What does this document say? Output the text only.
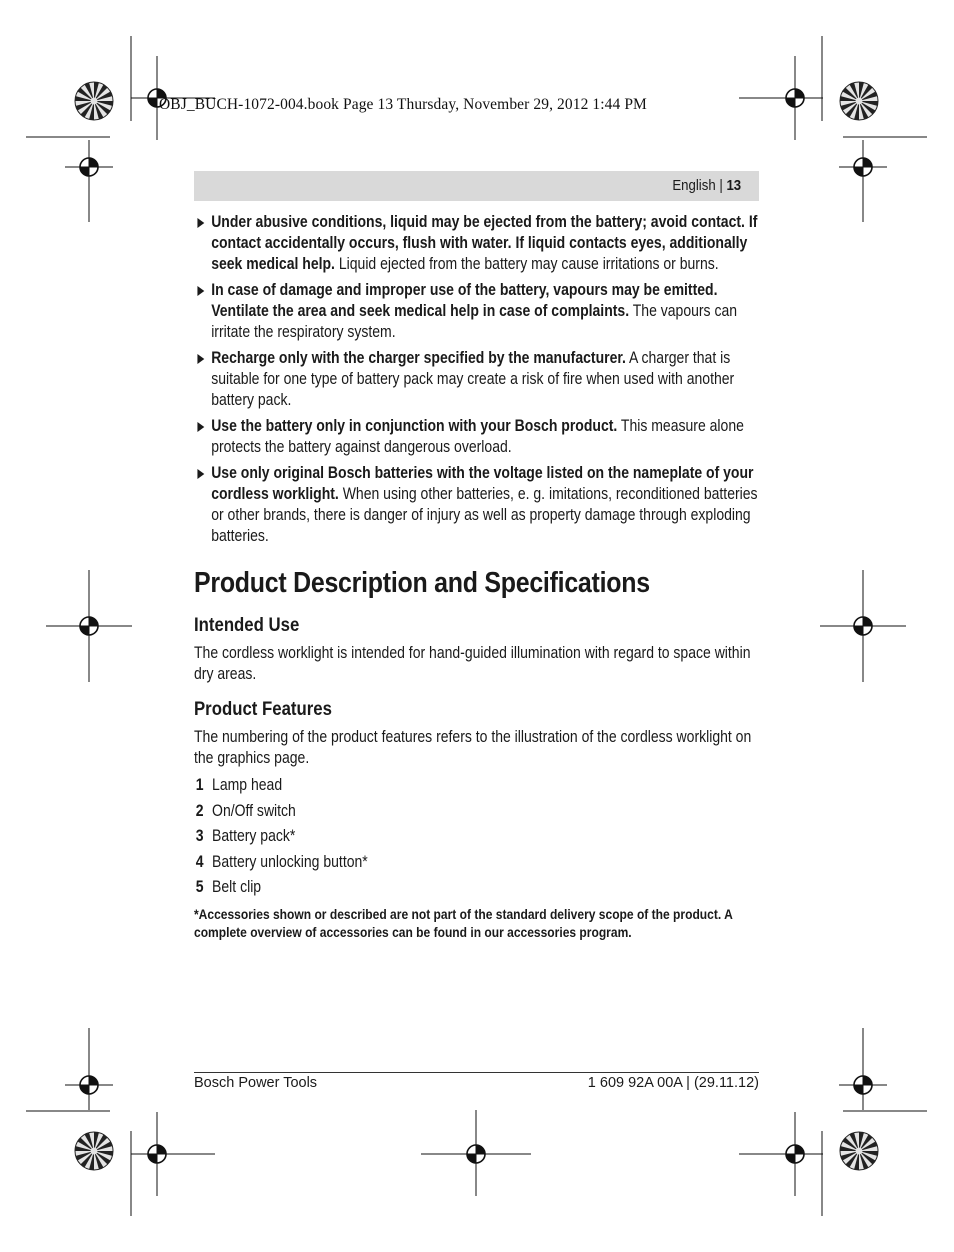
OBJ_BUCH-1072-004.book Page 13 Thursday, November 29, 2012 1:44 PM
English | 13
Under abusive conditions, liquid may be ejected from the battery; avoid contact. If contact accidentally occurs, flush with water. If liquid contacts eyes, additionally seek medical help. Liquid ejected from the battery may cause irritations or burns.
In case of damage and improper use of the battery, vapours may be emitted. Ventilate the area and seek medical help in case of complaints. The vapours can irritate the respiratory system.
Recharge only with the charger specified by the manufacturer. A charger that is suitable for one type of battery pack may create a risk of fire when used with another battery pack.
Use the battery only in conjunction with your Bosch product. This measure alone protects the battery against dangerous overload.
Use only original Bosch batteries with the voltage listed on the nameplate of your cordless worklight. When using other batteries, e. g. imitations, reconditioned batteries or other brands, there is danger of injury as well as property damage through exploding batteries.
Product Description and Specifications
Intended Use

The cordless worklight is intended for hand-guided illumination with regard to space within dry areas.

Product Features

The numbering of the product features refers to the illustration of the cordless worklight on the graphics page.

1 Lamp head
2 On/Off switch
3 Battery pack*
4 Battery unlocking button*
5 Belt clip
*Accessories shown or described are not part of the standard delivery scope of the product. A complete overview of accessories can be found in our accessories program.
Bosch Power Tools	1 609 92A 00A | (29.11.12)
